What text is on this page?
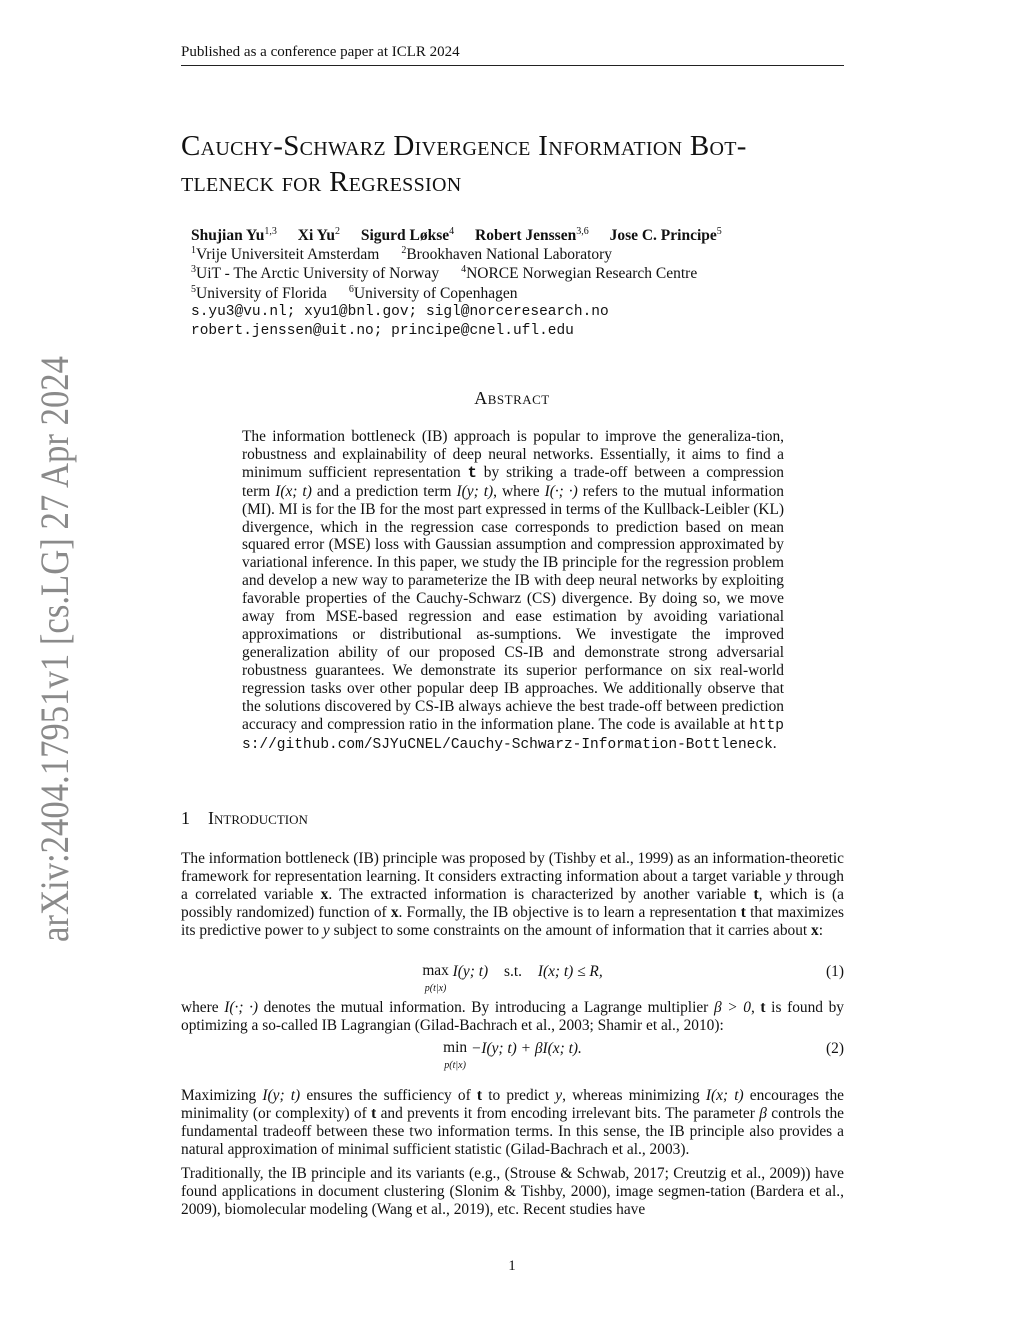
Published as a conference paper at ICLR 2024
arXiv:2404.17951v1 [cs.LG] 27 Apr 2024
Cauchy-Schwarz Divergence Information Bot-
tleneck for Regression
Shujian Yu$^{1,3}$ Xi Yu$^2$ Sigurd Løkse$^4$ Robert Jenssen$^{3,6}$ Jose C. Principe$^5$
$^1$Vrije Universiteit Amsterdam $^2$Brookhaven National Laboratory
$^3$UiT - The Arctic University of Norway $^4$NORCE Norwegian Research Centre
$^5$University of Florida $^6$University of Copenhagen
s.yu3@vu.nl; xyu1@bnl.gov; sigl@norceresearch.no
robert.jenssen@uit.no; principe@cnel.ufl.edu
Abstract
The information bottleneck (IB) approach is popular to improve the generaliza-tion, robustness and explainability of deep neural networks. Essentially, it aims to find a minimum sufficient representation t by striking a trade-off between a compression term I(x; t) and a prediction term I(y; t), where I(·; ·) refers to the mutual information (MI). MI is for the IB for the most part expressed in terms of the Kullback-Leibler (KL) divergence, which in the regression case corresponds to prediction based on mean squared error (MSE) loss with Gaussian assumption and compression approximated by variational inference. In this paper, we study the IB principle for the regression problem and develop a new way to parameterize the IB with deep neural networks by exploiting favorable properties of the Cauchy-Schwarz (CS) divergence. By doing so, we move away from MSE-based regression and ease estimation by avoiding variational approximations or distributional as-sumptions. We investigate the improved generalization ability of our proposed CS-IB and demonstrate strong adversarial robustness guarantees. We demonstrate its superior performance on six real-world regression tasks over other popular deep IB approaches. We additionally observe that the solutions discovered by CS-IB always achieve the best trade-off between prediction accuracy and compression ratio in the information plane. The code is available at https://github.com/SJYuCNEL/Cauchy-Schwarz-Information-Bottleneck.
1 Introduction
The information bottleneck (IB) principle was proposed by (Tishby et al., 1999) as an information-theoretic framework for representation learning. It considers extracting information about a target variable y through a correlated variable x. The extracted information is characterized by another variable t, which is (a possibly randomized) function of x. Formally, the IB objective is to learn a representation t that maximizes its predictive power to y subject to some constraints on the amount of information that it carries about x:
max
p(t|x) I(y; t) s.t. I(x; t) ≤ R,	(1)
where I(·; ·) denotes the mutual information. By introducing a Lagrange multiplier β > 0, t is found by optimizing a so-called IB Lagrangian (Gilad-Bachrach et al., 2003; Shamir et al., 2010):
min
p(t|x) −I(y; t) + βI(x; t).	(2)
Maximizing I(y; t) ensures the sufficiency of t to predict y, whereas minimizing I(x; t) encourages the minimality (or complexity) of t and prevents it from encoding irrelevant bits. The parameter β controls the fundamental tradeoff between these two information terms. In this sense, the IB principle also provides a natural approximation of minimal sufficient statistic (Gilad-Bachrach et al., 2003).
Traditionally, the IB principle and its variants (e.g., (Strouse & Schwab, 2017; Creutzig et al., 2009)) have found applications in document clustering (Slonim & Tishby, 2000), image segmen-tation (Bardera et al., 2009), biomolecular modeling (Wang et al., 2019), etc. Recent studies have
1
